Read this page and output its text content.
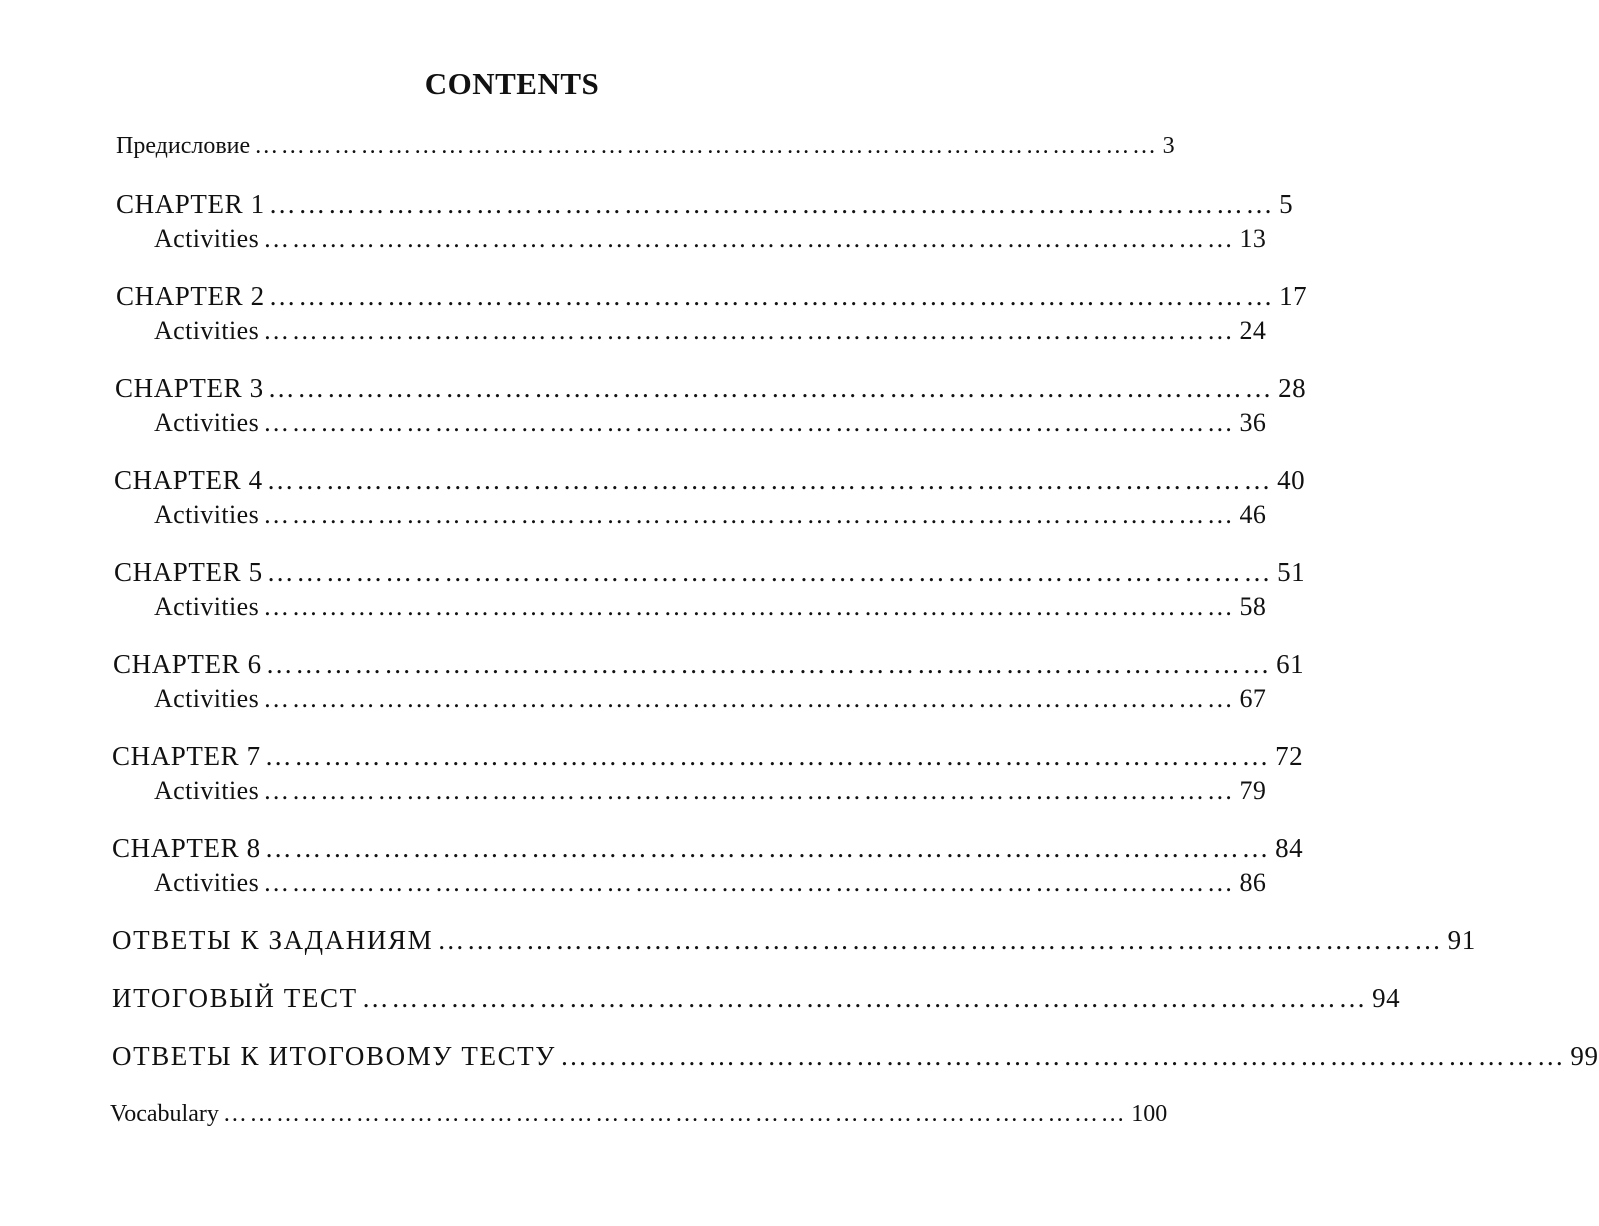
CONTENTS
Предисловие ………………………………………………………………………………………… 3
CHAPTER 1 ………………………………………………………………………………………… 5
Activities ………………………………………………………………………………………… 13
CHAPTER 2 ………………………………………………………………………………………… 17
Activities ………………………………………………………………………………………… 24
CHAPTER 3 ………………………………………………………………………………………… 28
Activities ………………………………………………………………………………………… 36
CHAPTER 4 ………………………………………………………………………………………… 40
Activities ………………………………………………………………………………………… 46
CHAPTER 5 ………………………………………………………………………………………… 51
Activities ………………………………………………………………………………………… 58
CHAPTER 6 ………………………………………………………………………………………… 61
Activities ………………………………………………………………………………………… 67
CHAPTER 7 ………………………………………………………………………………………… 72
Activities ………………………………………………………………………………………… 79
CHAPTER 8 ………………………………………………………………………………………… 84
Activities ………………………………………………………………………………………… 86
ОТВЕТЫ К ЗАДАНИЯМ ………………………………………………………………………………………… 91
ИТОГОВЫЙ ТЕСТ ………………………………………………………………………………………… 94
ОТВЕТЫ К ИТОГОВОМУ ТЕСТУ ………………………………………………………………………………………… 99
Vocabulary ………………………………………………………………………………………… 100
